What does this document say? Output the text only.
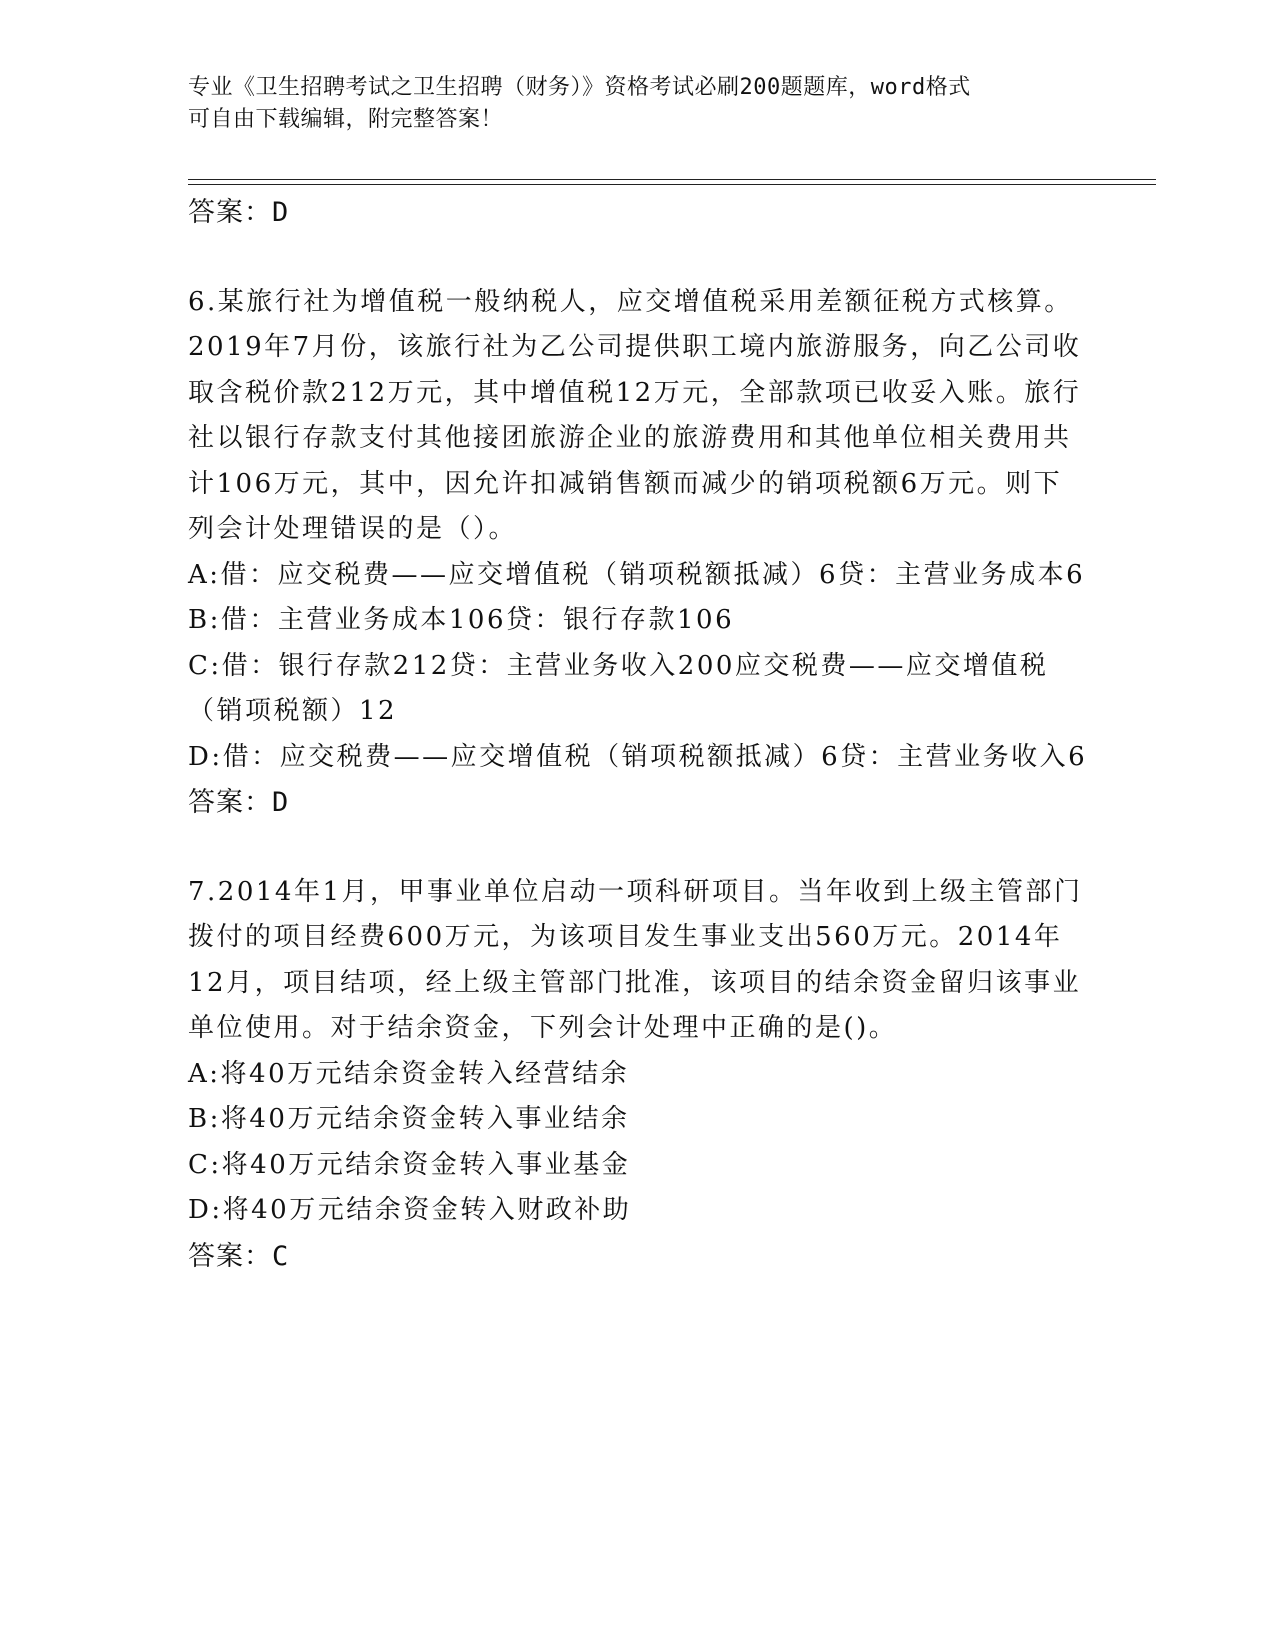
专业《卫生招聘考试之卫生招聘（财务）》资格考试必刷200题题库，word格式

可自由下载编辑，附完整答案！

答案：D

6.某旅行社为增值税一般纳税人，应交增值税采用差额征税方式核算。2019年7月份，该旅行社为乙公司提供职工境内旅游服务，向乙公司收取含税价款212万元，其中增值税12万元，全部款项已收妥入账。旅行社以银行存款支付其他接团旅游企业的旅游费用和其他单位相关费用共计106万元，其中，因允许扣减销售额而减少的销项税额6万元。则下列会计处理错误的是（）。

A:借：应交税费——应交增值税（销项税额抵减）6贷：主营业务成本6

B:借：主营业务成本106贷：银行存款106

C:借：银行存款212贷：主营业务收入200应交税费——应交增值税（销项税额）12

D:借：应交税费——应交增值税（销项税额抵减）6贷：主营业务收入6

答案：D

7.2014年1月，甲事业单位启动一项科研项目。当年收到上级主管部门拨付的项目经费600万元，为该项目发生事业支出560万元。2014年12月，项目结项，经上级主管部门批准，该项目的结余资金留归该事业单位使用。对于结余资金，下列会计处理中正确的是()。

A:将40万元结余资金转入经营结余

B:将40万元结余资金转入事业结余

C:将40万元结余资金转入事业基金

D:将40万元结余资金转入财政补助

答案：C
